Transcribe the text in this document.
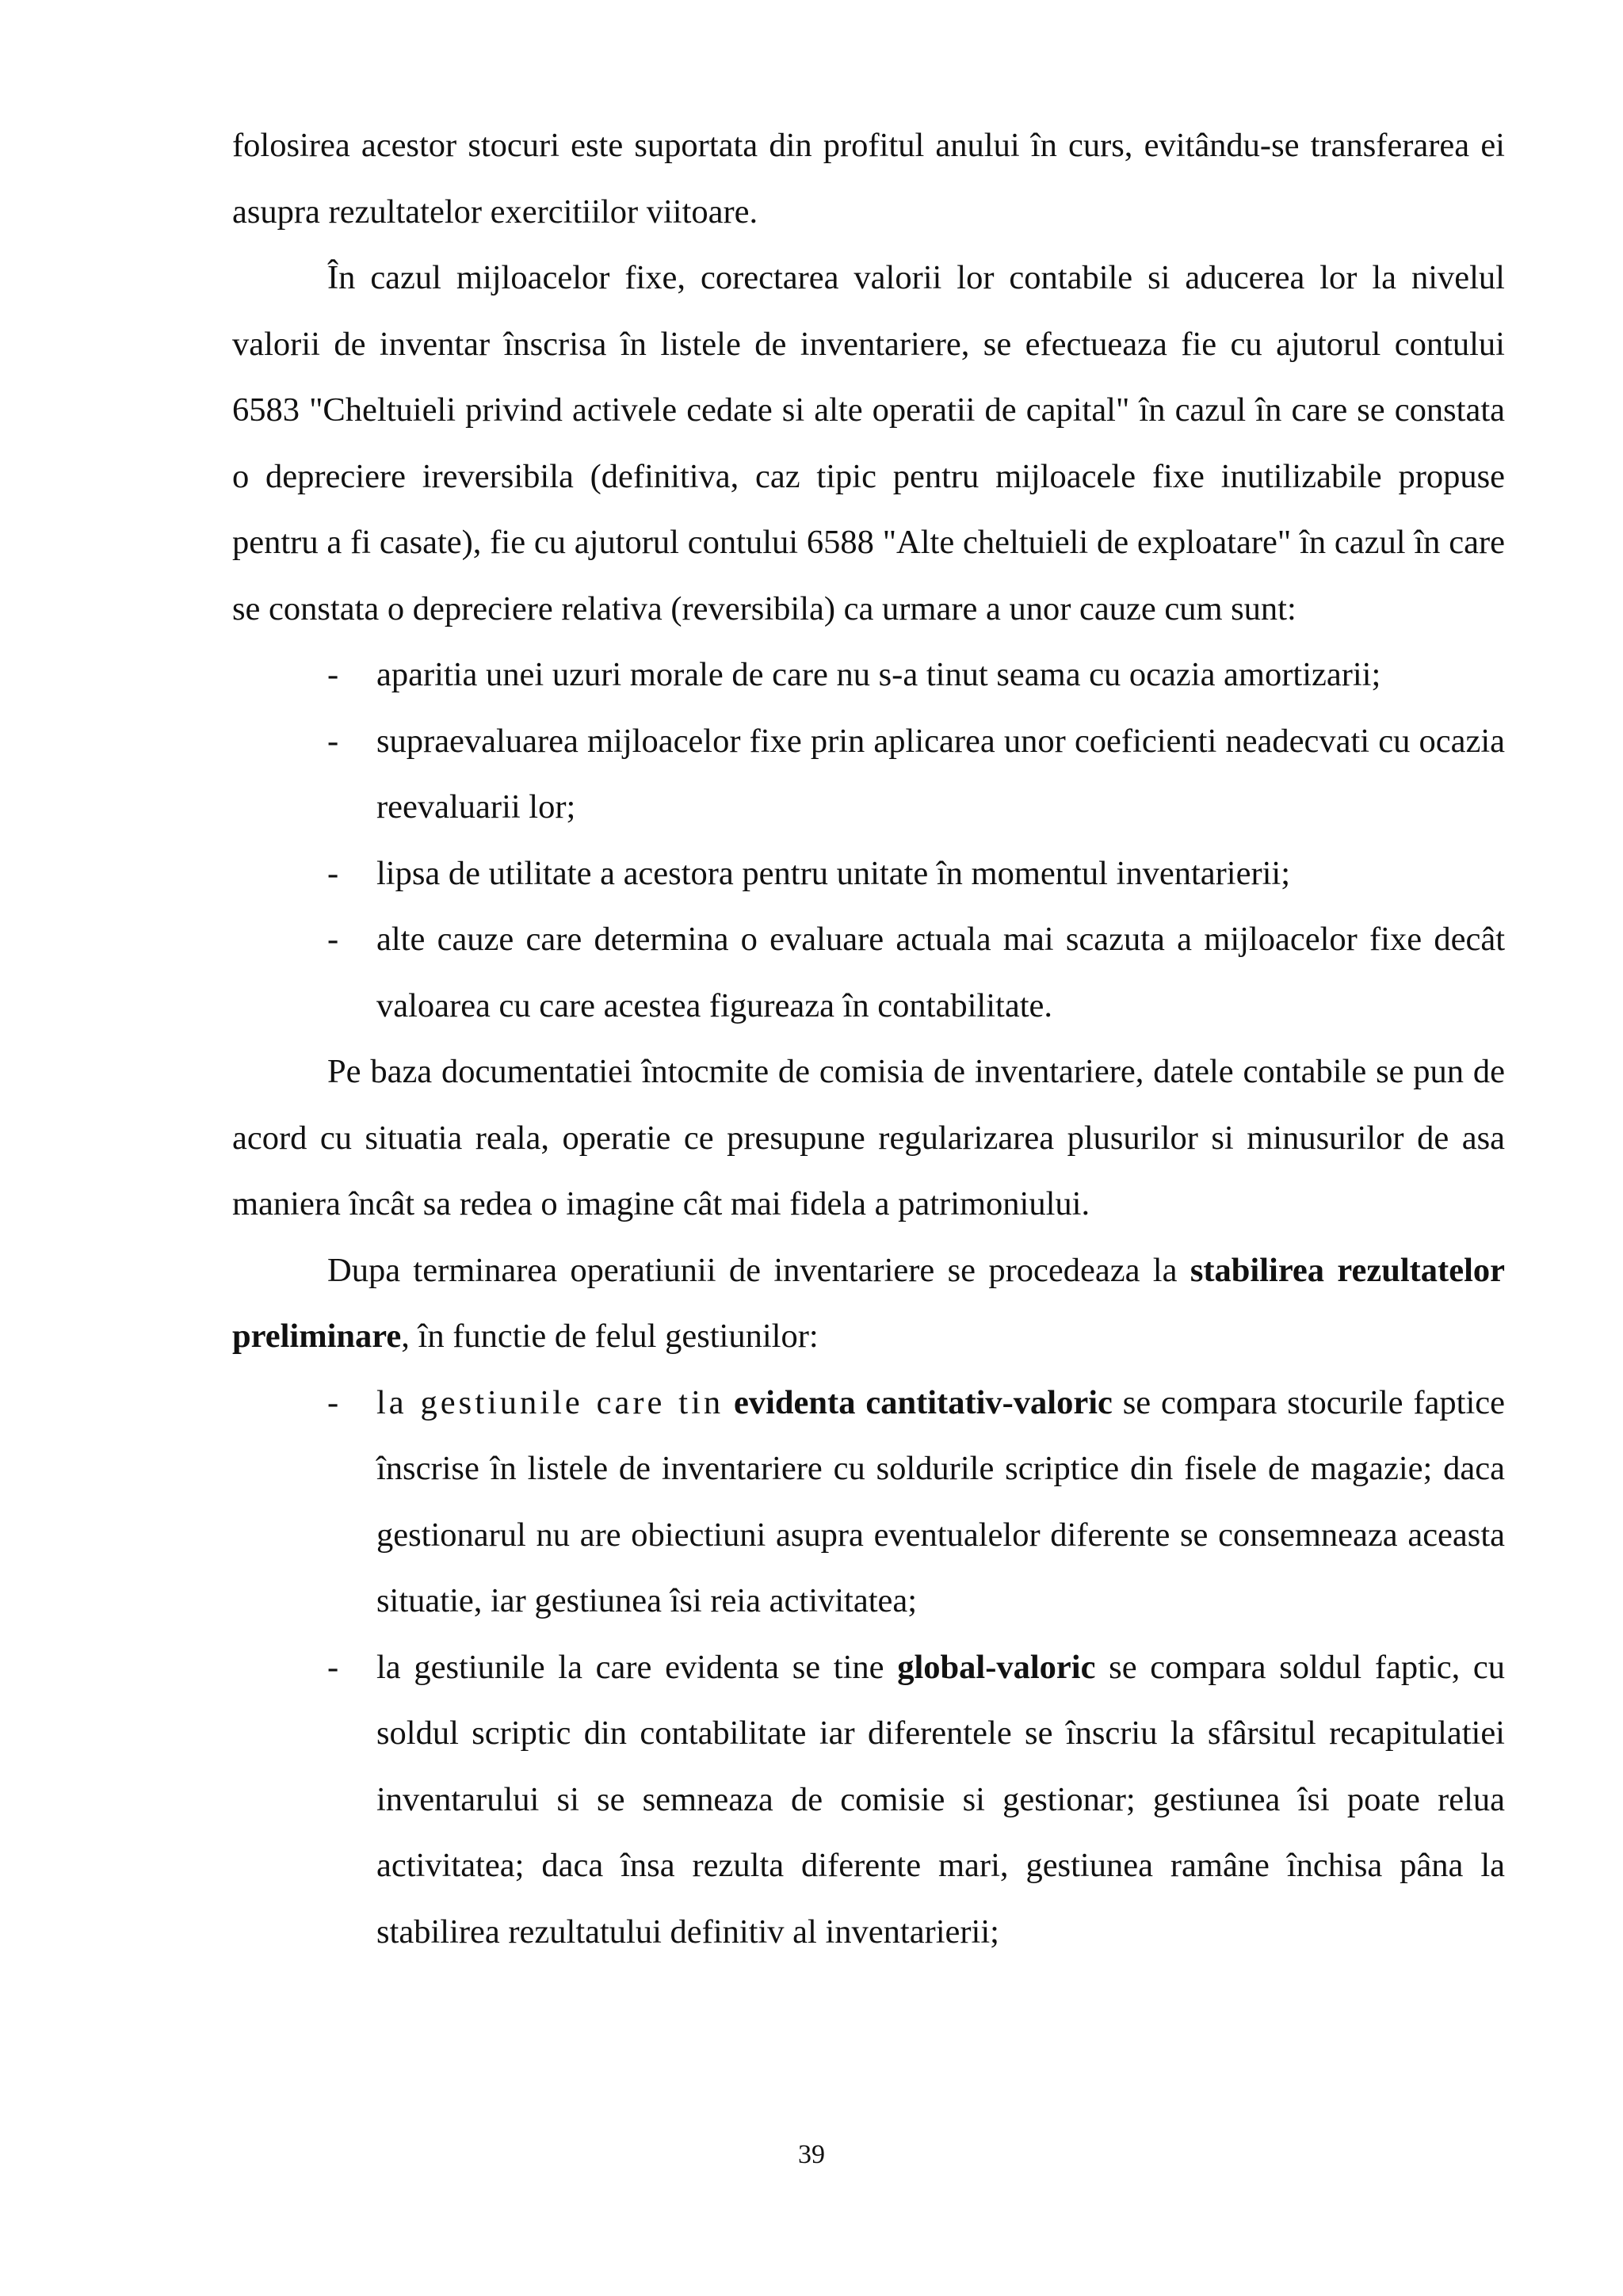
folosirea acestor stocuri este suportata din profitul anului în curs, evitându-se transferarea ei asupra rezultatelor exercitiilor viitoare.

În cazul mijloacelor fixe, corectarea valorii lor contabile si aducerea lor la nivelul valorii de inventar înscrisa în listele de inventariere, se efectueaza fie cu ajutorul contului 6583 "Cheltuieli privind activele cedate si alte operatii de capital" în cazul în care se constata o depreciere ireversibila (definitiva, caz tipic pentru mijloacele fixe inutilizabile propuse pentru a fi casate), fie cu ajutorul contului 6588 "Alte cheltuieli de exploatare" în cazul în care se constata o depreciere relativa (reversibila) ca urmare a unor cauze cum sunt:

-	aparitia unei uzuri morale de care nu s-a tinut seama cu ocazia amortizarii;
-	supraevaluarea mijloacelor fixe prin aplicarea unor coeficienti neadecvati cu ocazia reevaluarii lor;
-	lipsa de utilitate a acestora pentru unitate în momentul inventarierii;
-	alte cauze care determina o evaluare actuala mai scazuta a mijloacelor fixe decât valoarea cu care acestea figureaza în contabilitate.

Pe baza documentatiei întocmite de comisia de inventariere, datele contabile se pun de acord cu situatia reala, operatie ce presupune regularizarea plusurilor si minusurilor de asa maniera încât sa redea o imagine cât mai fidela a patrimoniului.

Dupa terminarea operatiunii de inventariere se procedeaza la stabilirea rezultatelor preliminare, în functie de felul gestiunilor:

-	la gestiunile care tin evidenta cantitativ-valoric se compara stocurile faptice înscrise în listele de inventariere cu soldurile scriptice din fisele de magazie; daca gestionarul nu are obiectiuni asupra eventualelor diferente se consemneaza aceasta situatie, iar gestiunea îsi reia activitatea;
-	la gestiunile la care evidenta se tine global-valoric se compara soldul faptic, cu soldul scriptic din contabilitate iar diferentele se înscriu la sfârsitul recapitulatiei inventarului si se semneaza de comisie si gestionar; gestiunea îsi poate relua activitatea; daca însa rezulta diferente mari, gestiunea ramâne închisa pâna la stabilirea rezultatului definitiv al inventarierii;
39
